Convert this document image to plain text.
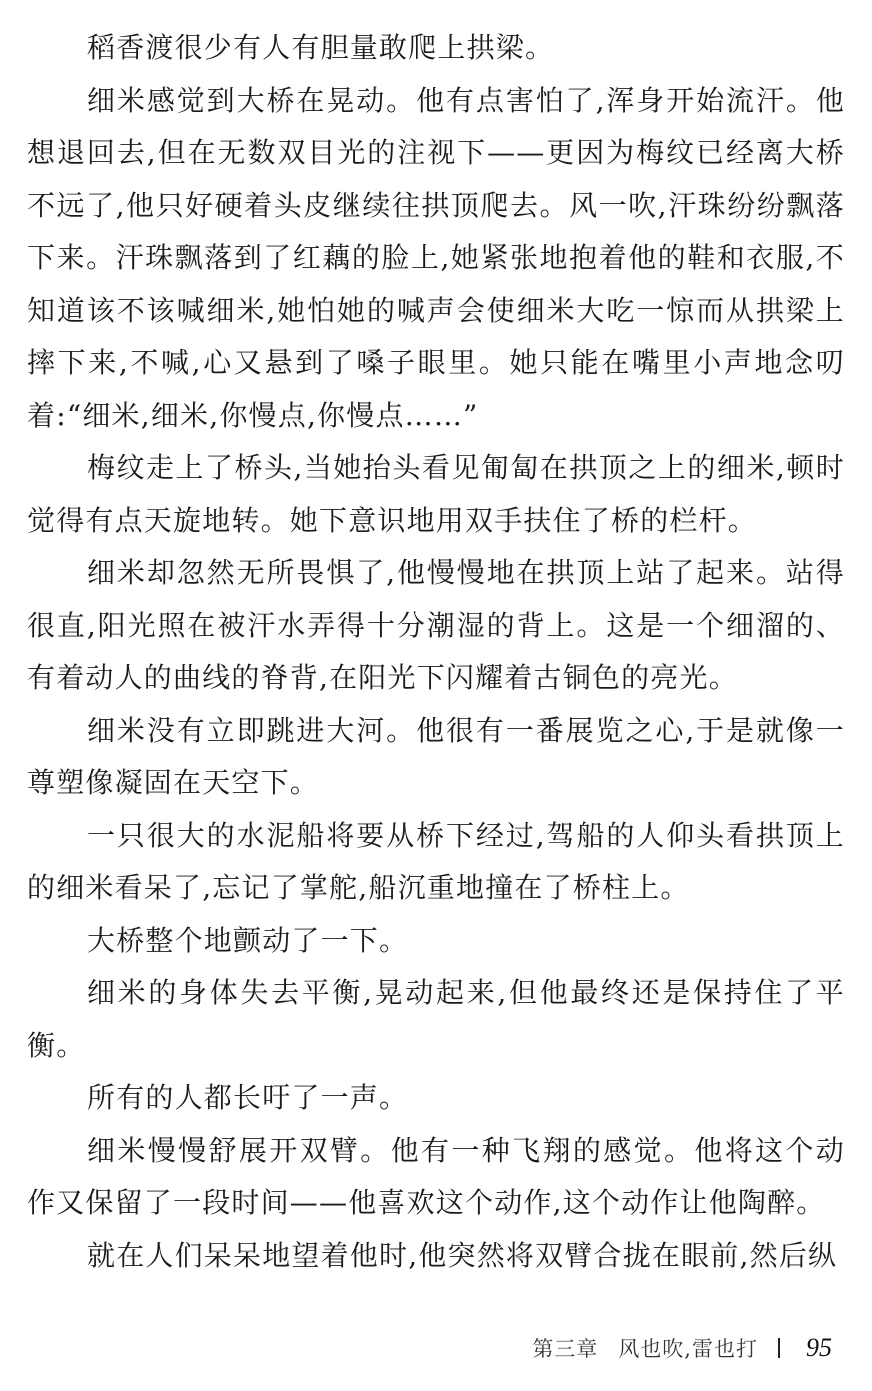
稻香渡很少有人有胆量敢爬上拱梁。

细米感觉到大桥在晃动。他有点害怕了,浑身开始流汗。他想退回去,但在无数双目光的注视下——更因为梅纹已经离大桥不远了,他只好硬着头皮继续往拱顶爬去。风一吹,汗珠纷纷飘落下来。汗珠飘落到了红藕的脸上,她紧张地抱着他的鞋和衣服,不知道该不该喊细米,她怕她的喊声会使细米大吃一惊而从拱梁上摔下来,不喊,心又悬到了嗓子眼里。她只能在嘴里小声地念叨着:“细米,细米,你慢点,你慢点……”

梅纹走上了桥头,当她抬头看见匍匐在拱顶之上的细米,顿时觉得有点天旋地转。她下意识地用双手扶住了桥的栏杆。

细米却忽然无所畏惧了,他慢慢地在拱顶上站了起来。站得很直,阳光照在被汗水弄得十分潮湿的背上。这是一个细溜的、有着动人的曲线的脊背,在阳光下闪耀着古铜色的亮光。

细米没有立即跳进大河。他很有一番展览之心,于是就像一尊塑像凝固在天空下。

一只很大的水泥船将要从桥下经过,驾船的人仰头看拱顶上的细米看呆了,忘记了掌舵,船沉重地撞在了桥柱上。

大桥整个地颤动了一下。

细米的身体失去平衡,晃动起来,但他最终还是保持住了平衡。

所有的人都长吁了一声。

细米慢慢舒展开双臂。他有一种飞翔的感觉。他将这个动作又保留了一段时间——他喜欢这个动作,这个动作让他陶醉。

就在人们呆呆地望着他时,他突然将双臂合拢在眼前,然后纵

第三章 风也吹,雷也打 95
